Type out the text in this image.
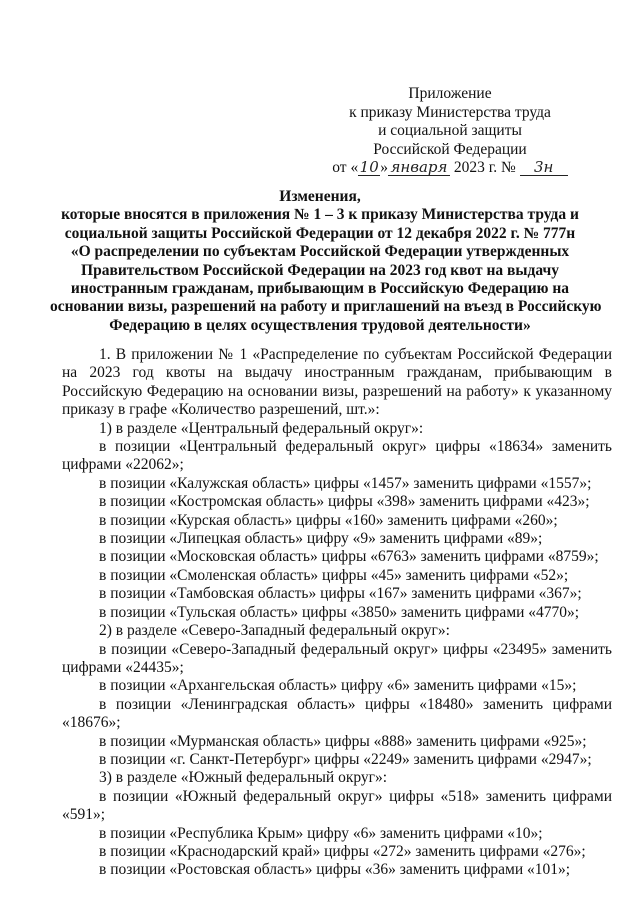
Приложение
к приказу Министерства труда
и социальной защиты
Российской Федерации
от «10» января 2023 г. № 3н
Изменения,
которые вносятся в приложения № 1 – 3 к приказу Министерства труда и
социальной защиты Российской Федерации от 12 декабря 2022 г. № 777н
«О распределении по субъектам Российской Федерации утвержденных
Правительством Российской Федерации на 2023 год квот на выдачу
иностранным гражданам, прибывающим в Российскую Федерацию на
основании визы, разрешений на работу и приглашений на въезд в Российскую
Федерацию в целях осуществления трудовой деятельности»

1. В приложении № 1 «Распределение по субъектам Российской Федерации на 2023 год квоты на выдачу иностранным гражданам, прибывающим в Российскую Федерацию на основании визы, разрешений на работу» к указанному приказу в графе «Количество разрешений, шт.»:

1) в разделе «Центральный федеральный округ»:

в позиции «Центральный федеральный округ» цифры «18634» заменить цифрами «22062»;

в позиции «Калужская область» цифры «1457» заменить цифрами «1557»;

в позиции «Костромская область» цифры «398» заменить цифрами «423»;

в позиции «Курская область» цифры «160» заменить цифрами «260»;

в позиции «Липецкая область» цифру «9» заменить цифрами «89»;

в позиции «Московская область» цифры «6763» заменить цифрами «8759»;

в позиции «Смоленская область» цифры «45» заменить цифрами «52»;

в позиции «Тамбовская область» цифры «167» заменить цифрами «367»;

в позиции «Тульская область» цифры «3850» заменить цифрами «4770»;

2) в разделе «Северо-Западный федеральный округ»:

в позиции «Северо-Западный федеральный округ» цифры «23495» заменить цифрами «24435»;

в позиции «Архангельская область» цифру «6» заменить цифрами «15»;

в позиции «Ленинградская область» цифры «18480» заменить цифрами «18676»;

в позиции «Мурманская область» цифры «888» заменить цифрами «925»;

в позиции «г. Санкт-Петербург» цифры «2249» заменить цифрами «2947»;

3) в разделе «Южный федеральный округ»:

в позиции «Южный федеральный округ» цифры «518» заменить цифрами «591»;

в позиции «Республика Крым» цифру «6» заменить цифрами «10»;

в позиции «Краснодарский край» цифры «272» заменить цифрами «276»;

в позиции «Ростовская область» цифры «36» заменить цифрами «101»;
